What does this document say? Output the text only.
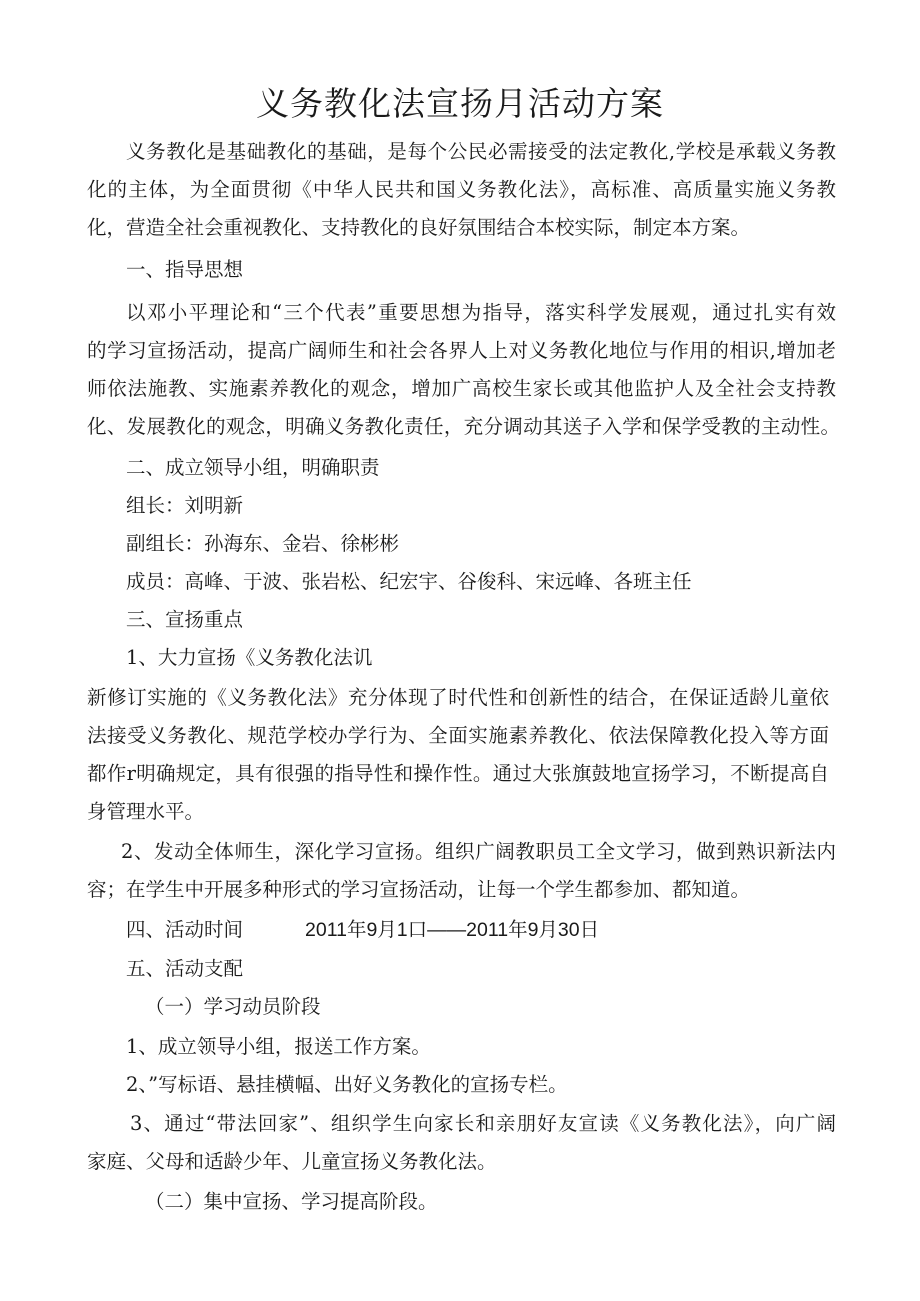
义务教化法宣扬月活动方案
义务教化是基础教化的基础，是每个公民必需接受的法定教化,学校是承载义务教
化的主体，为全面贯彻《中华人民共和国义务教化法》，高标准、高质量实施义务教
化，营造全社会重视教化、支持教化的良好氛围结合本校实际，制定本方案。
一、指导思想
以邓小平理论和“三个代表”重要思想为指导，落实科学发展观，通过扎实有效
的学习宣扬活动，提高广阔师生和社会各界人上对义务教化地位与作用的相识,增加老
师依法施教、实施素养教化的观念，增加广高校生家长或其他监护人及全社会支持教
化、发展教化的观念，明确义务教化责任，充分调动其送子入学和保学受教的主动性。
二、成立领导小组，明确职责
组长：刘明新
副组长：孙海东、金岩、徐彬彬
成员：高峰、于波、张岩松、纪宏宇、谷俊科、宋远峰、各班主任
三、宣扬重点
1、大力宣扬《义务教化法讥
新修订实施的《义务教化法》充分体现了时代性和创新性的结合，在保证适龄儿童依
法接受义务教化、规范学校办学行为、全面实施素养教化、依法保障教化投入等方面
都作r明确规定，具有很强的指导性和操作性。通过大张旗鼓地宣扬学习，不断提高自
身管理水平。
2、发动全体师生，深化学习宣扬。组织广阔教职员工全文学习，做到熟识新法内
容；在学生中开展多种形式的学习宣扬活动，让每一个学生都参加、都知道。
四、活动时间	2011年9月1口——2011年9月30日
五、活动支配
（一）学习动员阶段
1、成立领导小组，报送工作方案。
2、”写标语、悬挂横幅、出好义务教化的宣扬专栏。
3、通过“带法回家”、组织学生向家长和亲朋好友宣读《义务教化法》，向广阔
家庭、父母和适龄少年、儿童宣扬义务教化法。
（二）集中宣扬、学习提高阶段。
